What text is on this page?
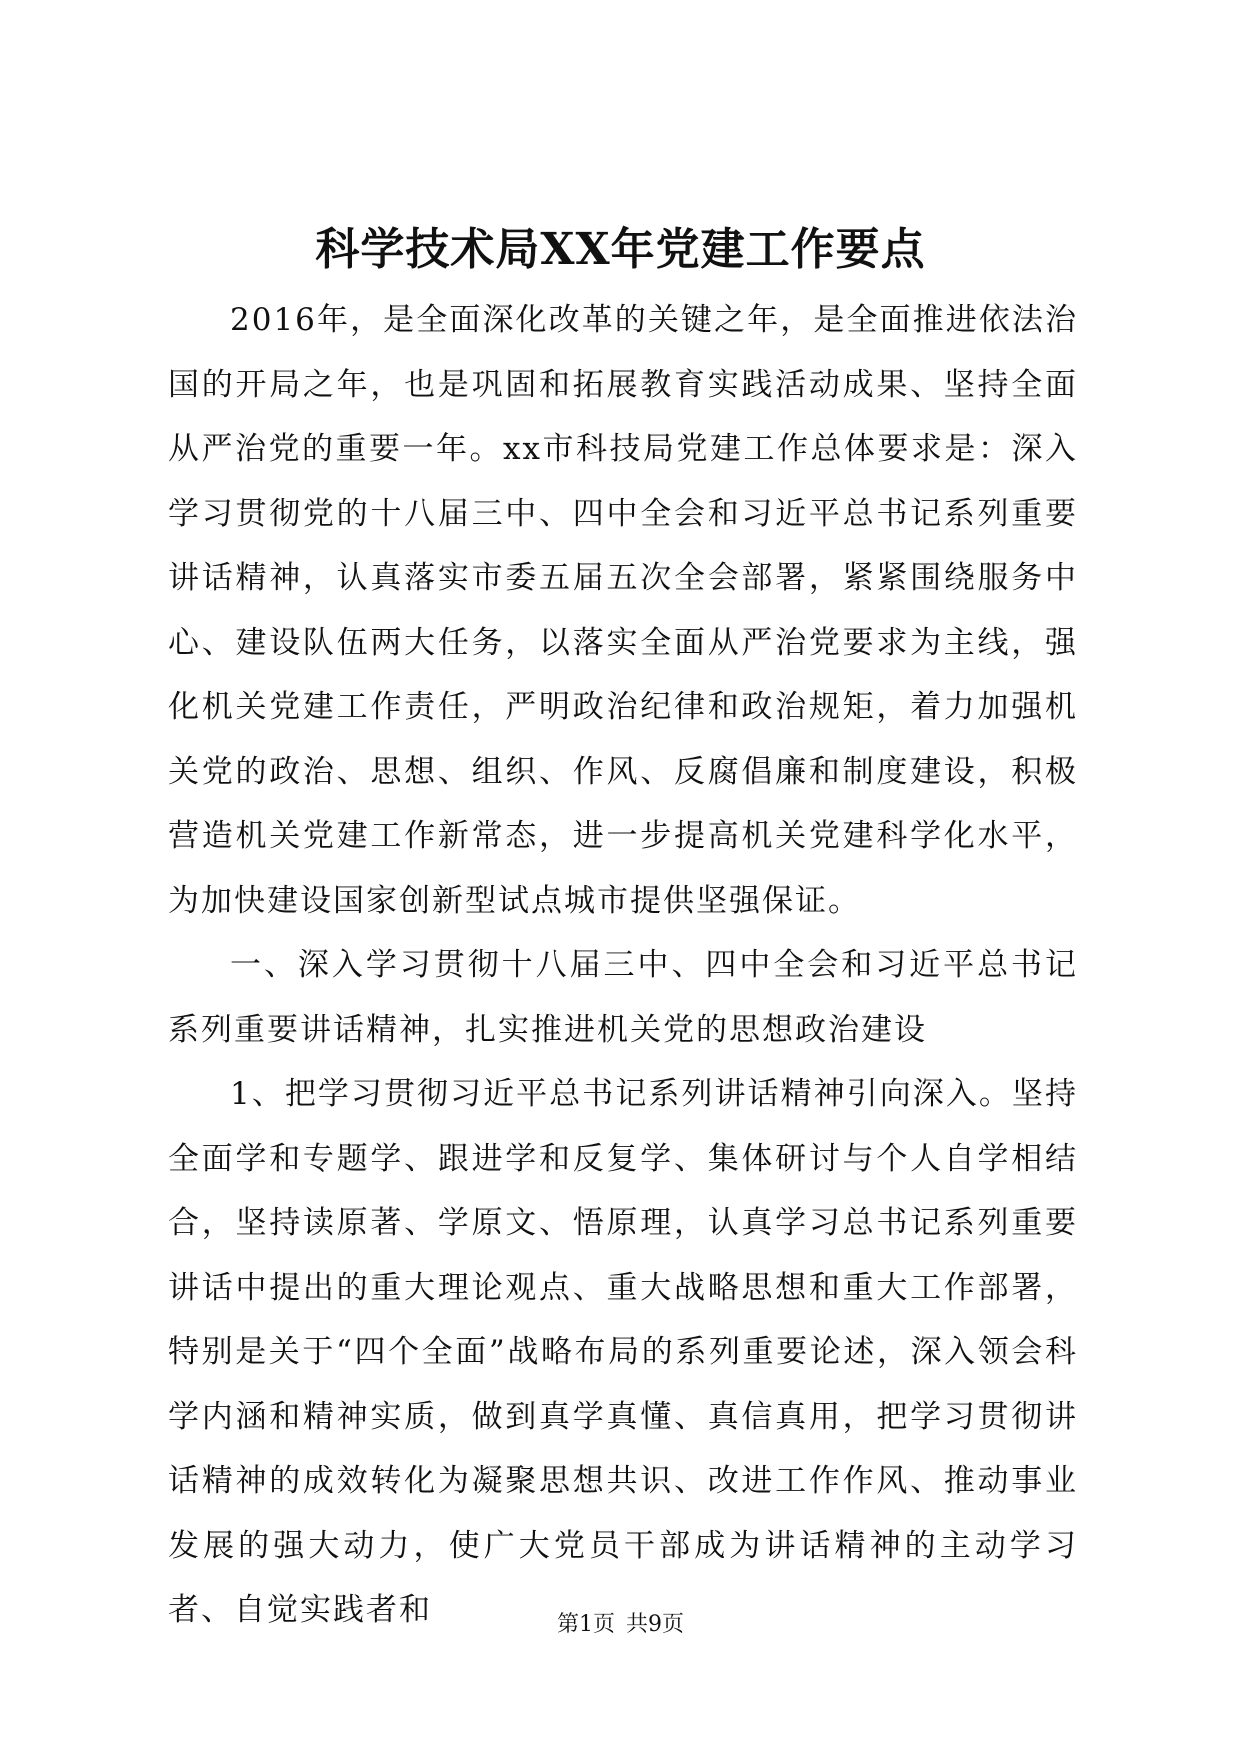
科学技术局XX年党建工作要点

2016年，是全面深化改革的关键之年，是全面推进依法治国的开局之年，也是巩固和拓展教育实践活动成果、坚持全面从严治党的重要一年。xx市科技局党建工作总体要求是：深入学习贯彻党的十八届三中、四中全会和习近平总书记系列重要讲话精神，认真落实市委五届五次全会部署，紧紧围绕服务中心、建设队伍两大任务，以落实全面从严治党要求为主线，强化机关党建工作责任，严明政治纪律和政治规矩，着力加强机关党的政治、思想、组织、作风、反腐倡廉和制度建设，积极营造机关党建工作新常态，进一步提高机关党建科学化水平，为加快建设国家创新型试点城市提供坚强保证。

一、深入学习贯彻十八届三中、四中全会和习近平总书记系列重要讲话精神，扎实推进机关党的思想政治建设

1、把学习贯彻习近平总书记系列讲话精神引向深入。坚持全面学和专题学、跟进学和反复学、集体研讨与个人自学相结合，坚持读原著、学原文、悟原理，认真学习总书记系列重要讲话中提出的重大理论观点、重大战略思想和重大工作部署，特别是关于“四个全面”战略布局的系列重要论述，深入领会科学内涵和精神实质，做到真学真懂、真信真用，把学习贯彻讲话精神的成效转化为凝聚思想共识、改进工作作风、推动事业发展的强大动力，使广大党员干部成为讲话精神的主动学习者、自觉实践者和	第1页 共9页
